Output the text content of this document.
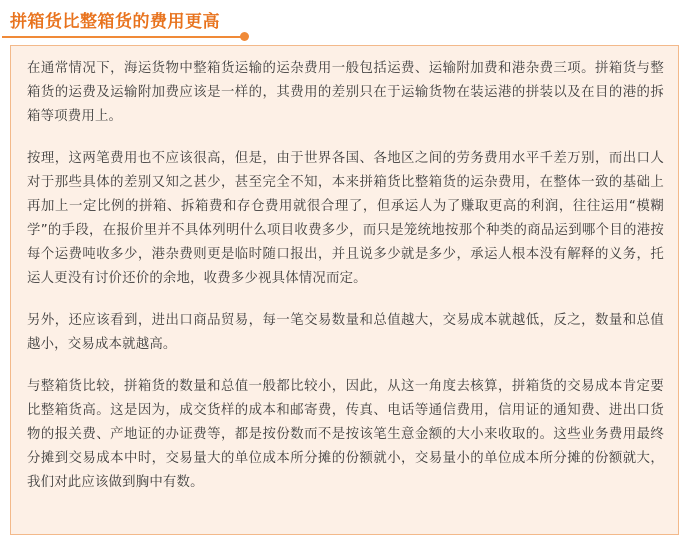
拼箱货比整箱货的费用更高

在通常情况下，海运货物中整箱货运输的运杂费用一般包括运费、运输附加费和港杂费三项。拼箱货与整箱货的运费及运输附加费应该是一样的，其费用的差别只在于运输货物在装运港的拼装以及在目的港的拆箱等项费用上。

按理，这两笔费用也不应该很高，但是，由于世界各国、各地区之间的劳务费用水平千差万别，而出口人对于那些具体的差别又知之甚少，甚至完全不知，本来拼箱货比整箱货的运杂费用，在整体一致的基础上再加上一定比例的拼箱、拆箱费和存仓费用就很合理了，但承运人为了赚取更高的利润，往往运用“模糊学”的手段，在报价里并不具体列明什么项目收费多少，而只是笼统地按那个种类的商品运到哪个目的港按每个运费吨收多少，港杂费则更是临时随口报出，并且说多少就是多少，承运人根本没有解释的义务，托运人更没有讨价还价的余地，收费多少视具体情况而定。

另外，还应该看到，进出口商品贸易，每一笔交易数量和总值越大，交易成本就越低，反之，数量和总值越小，交易成本就越高。

与整箱货比较，拼箱货的数量和总值一般都比较小，因此，从这一角度去核算，拼箱货的交易成本肯定要比整箱货高。这是因为，成交货样的成本和邮寄费，传真、电话等通信费用，信用证的通知费、进出口货物的报关费、产地证的办证费等，都是按份数而不是按该笔生意金额的大小来收取的。这些业务费用最终分摊到交易成本中时，交易量大的单位成本所分摊的份额就小，交易量小的单位成本所分摊的份额就大，我们对此应该做到胸中有数。
